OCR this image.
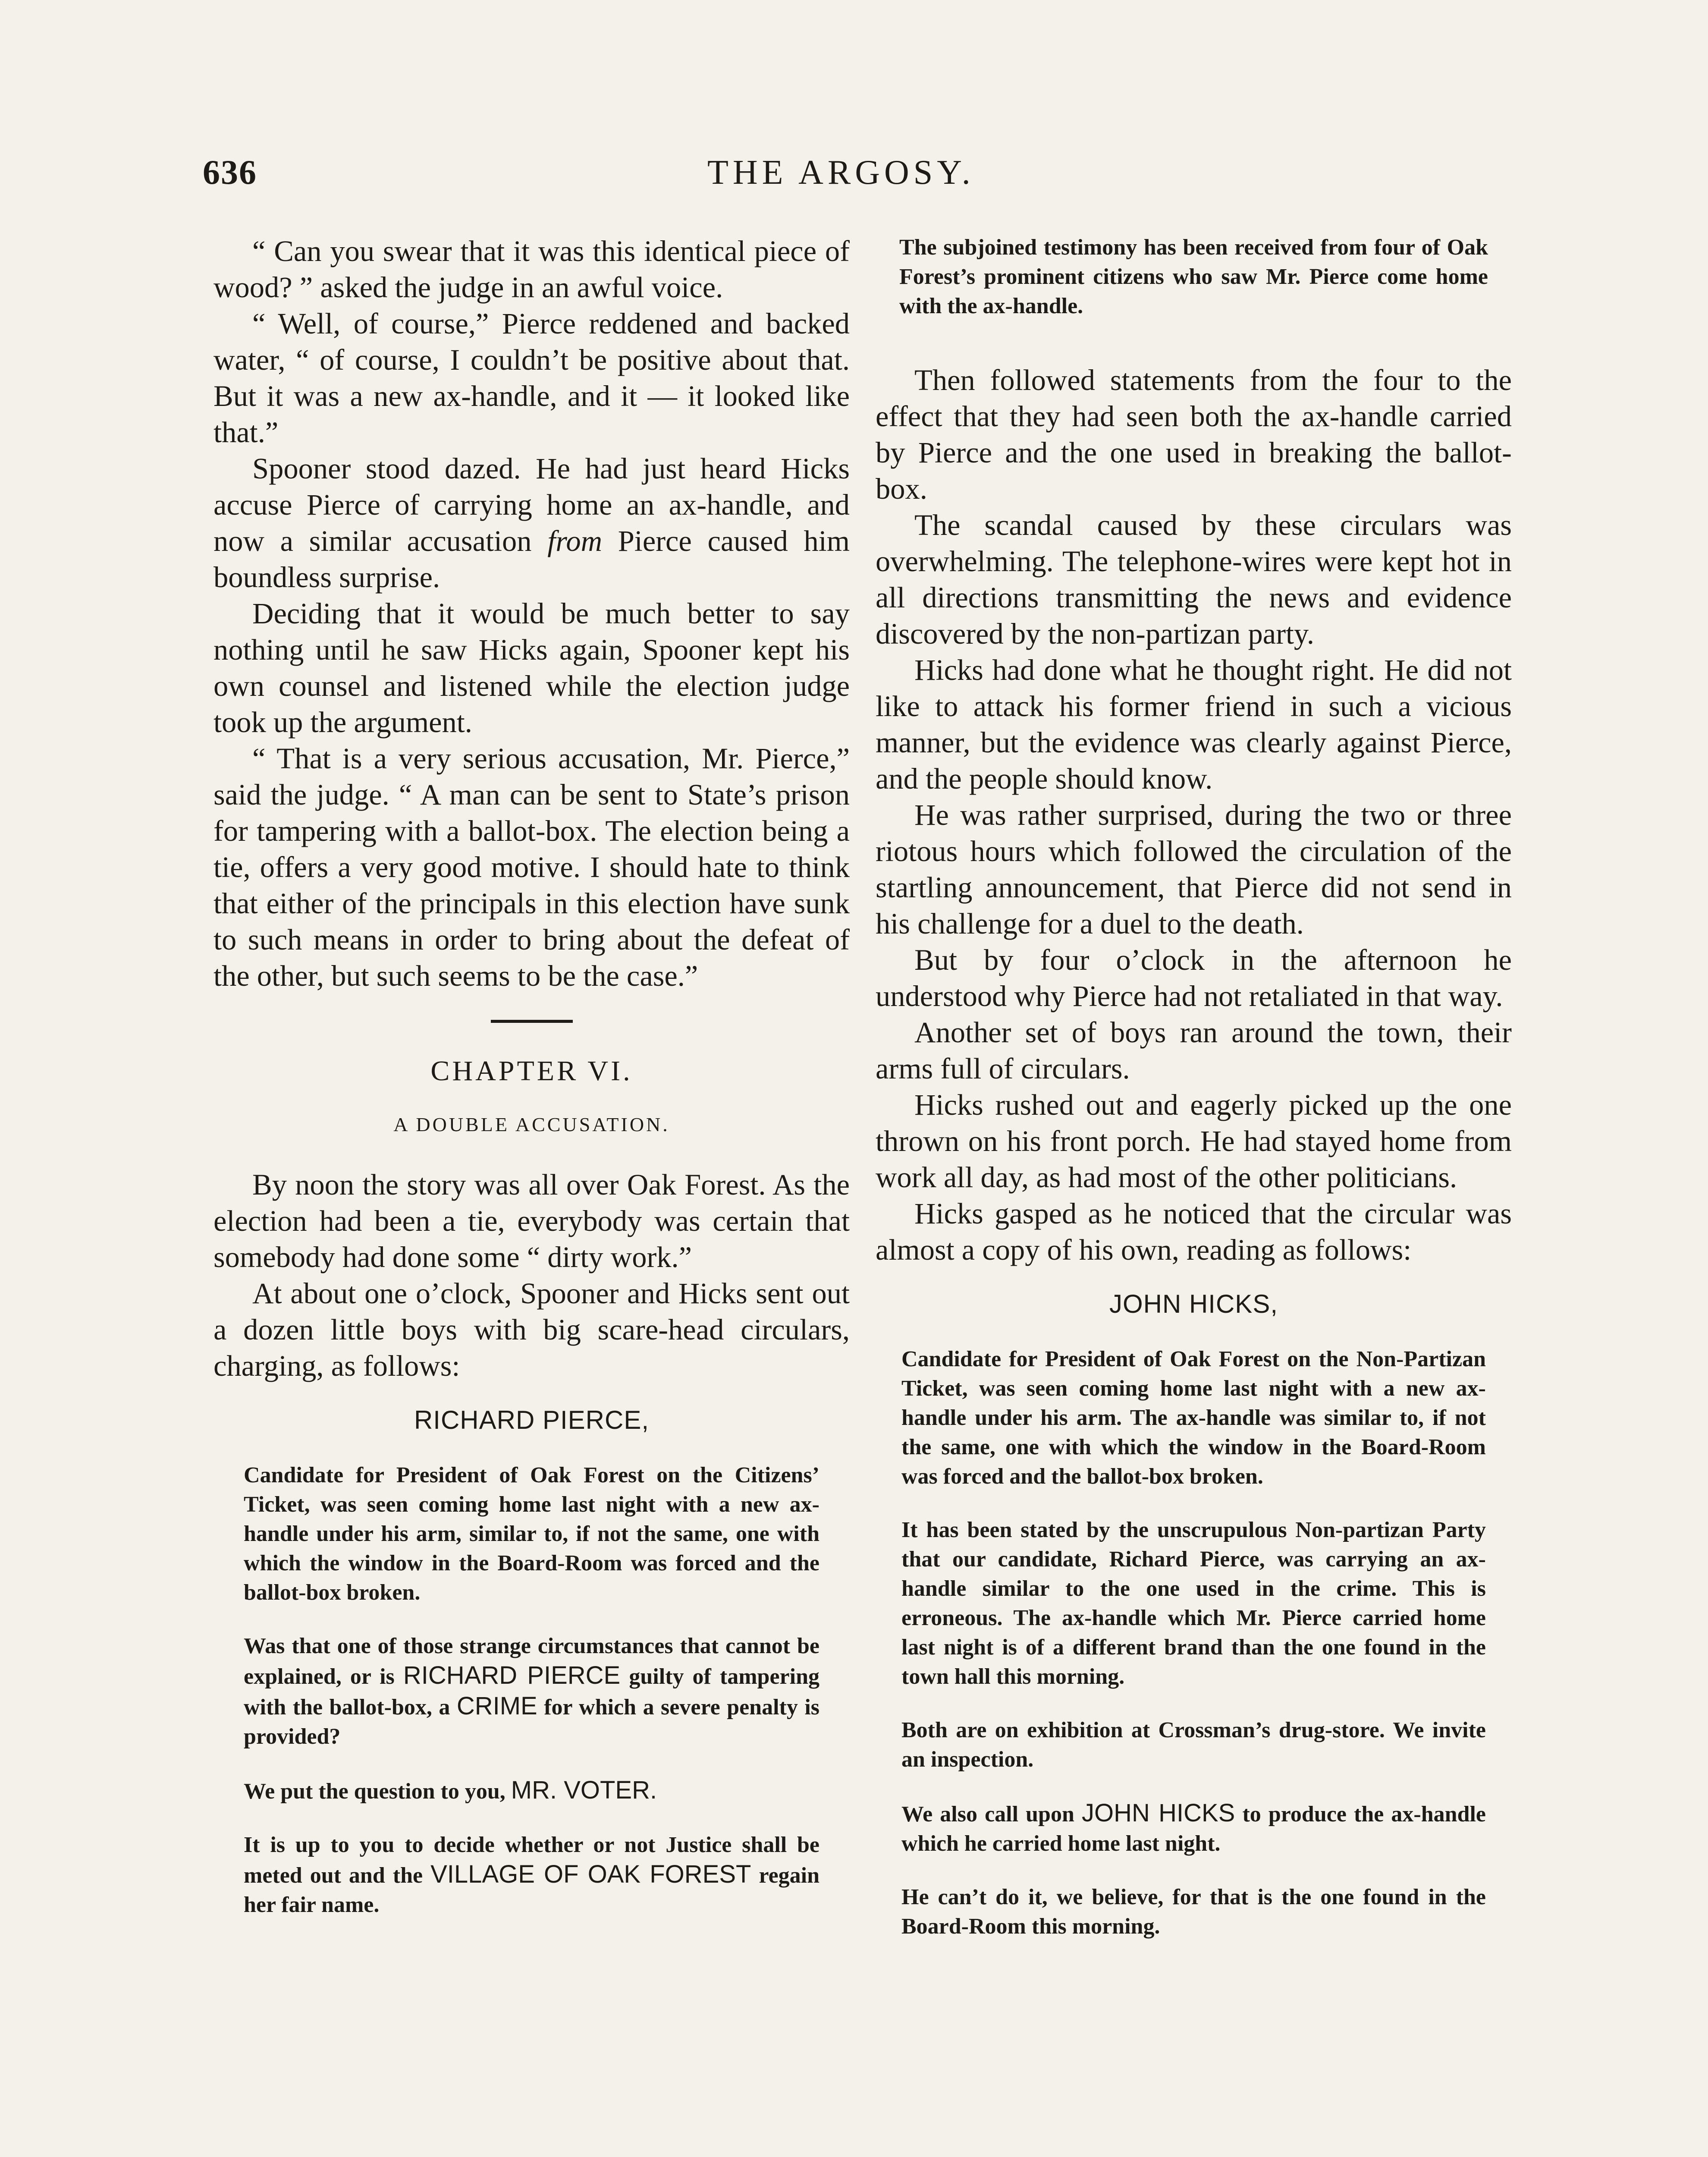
636	THE ARGOSY.

“ Can you swear that it was this identical piece of wood? ” asked the judge in an awful voice.

“ Well, of course,” Pierce reddened and backed water, “ of course, I couldn’t be positive about that. But it was a new ax-handle, and it — it looked like that.”

Spooner stood dazed. He had just heard Hicks accuse Pierce of carrying home an ax-handle, and now a similar accusation from Pierce caused him boundless surprise.

Deciding that it would be much better to say nothing until he saw Hicks again, Spooner kept his own counsel and listened while the election judge took up the argument.

“ That is a very serious accusation, Mr. Pierce,” said the judge. “ A man can be sent to State’s prison for tampering with a ballot-box. The election being a tie, offers a very good motive. I should hate to think that either of the principals in this election have sunk to such means in order to bring about the defeat of the other, but such seems to be the case.”

CHAPTER VI.
A DOUBLE ACCUSATION.

By noon the story was all over Oak Forest. As the election had been a tie, everybody was certain that somebody had done some “ dirty work.”

At about one o’clock, Spooner and Hicks sent out a dozen little boys with big scare-head circulars, charging, as follows:

RICHARD PIERCE,

Candidate for President of Oak Forest on the Citizens’ Ticket, was seen coming home last night with a new ax-handle under his arm, similar to, if not the same, one with which the window in the Board-Room was forced and the ballot-box broken.

Was that one of those strange circumstances that cannot be explained, or is RICHARD PIERCE guilty of tampering with the ballot-box, a CRIME for which a severe penalty is provided?

We put the question to you, MR. VOTER.

It is up to you to decide whether or not Justice shall be meted out and the VILLAGE OF OAK FOREST regain her fair name.

The subjoined testimony has been received from four of Oak Forest’s prominent citizens who saw Mr. Pierce come home with the ax-handle.

Then followed statements from the four to the effect that they had seen both the ax-handle carried by Pierce and the one used in breaking the ballot-box.

The scandal caused by these circulars was overwhelming. The telephone-wires were kept hot in all directions transmitting the news and evidence discovered by the non-partizan party.

Hicks had done what he thought right. He did not like to attack his former friend in such a vicious manner, but the evidence was clearly against Pierce, and the people should know.

He was rather surprised, during the two or three riotous hours which followed the circulation of the startling announcement, that Pierce did not send in his challenge for a duel to the death.

But by four o’clock in the afternoon he understood why Pierce had not retaliated in that way.

Another set of boys ran around the town, their arms full of circulars.

Hicks rushed out and eagerly picked up the one thrown on his front porch. He had stayed home from work all day, as had most of the other politicians.

Hicks gasped as he noticed that the circular was almost a copy of his own, reading as follows:

JOHN HICKS,

Candidate for President of Oak Forest on the Non-Partizan Ticket, was seen coming home last night with a new ax-handle under his arm. The ax-handle was similar to, if not the same, one with which the window in the Board-Room was forced and the ballot-box broken.

It has been stated by the unscrupulous Non-partizan Party that our candidate, Richard Pierce, was carrying an ax-handle similar to the one used in the crime. This is erroneous. The ax-handle which Mr. Pierce carried home last night is of a different brand than the one found in the town hall this morning.

Both are on exhibition at Crossman’s drug-store. We invite an inspection.

We also call upon JOHN HICKS to produce the ax-handle which he carried home last night.

He can’t do it, we believe, for that is the one found in the Board-Room this morning.
